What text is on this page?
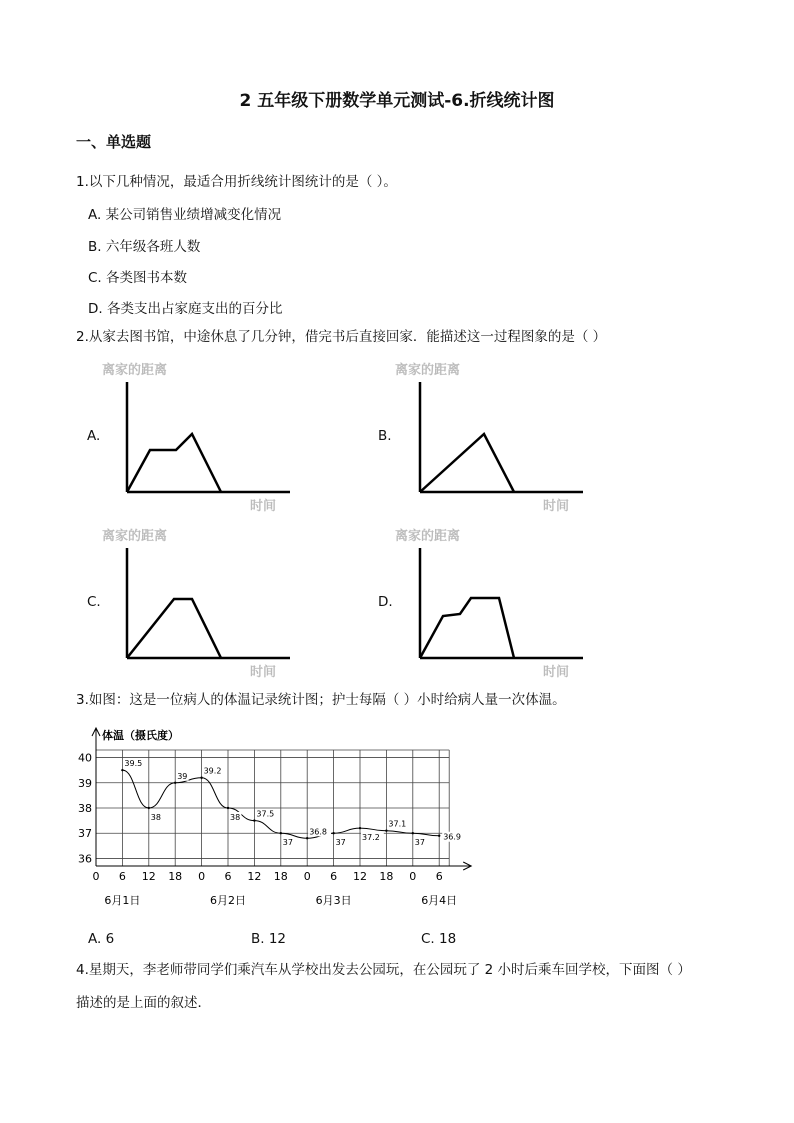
2 五年级下册数学单元测试-6.折线统计图
一、单选题
1.以下几种情况，最适合用折线统计图统计的是（ ）。
A. 某公司销售业绩增减变化情况
B. 六年级各班人数
C. 各类图书本数
D. 各类支出占家庭支出的百分比
2.从家去图书馆，中途休息了几分钟，借完书后直接回家．能描述这一过程图象的是（ ）
A.	B.
C.	D.
离家的距离
时间
离家的距离
时间
离家的距离
时间
离家的距离
时间
3.如图：这是一位病人的体温记录统计图；护士每隔（ ）小时给病人量一次体温。
体温（摄氏度）
36
37
38
39
40
0 6 12 18 0 6 12 18 0 6 12 18 0 6
6月1日	6月2日	6月3日	6月4日
39.5
38
39
39.2
38 37.5
37
36.8
37
37.2
37.1
37
36.9
A. 6	B. 12	C. 18
4.星期天，李老师带同学们乘汽车从学校出发去公园玩，在公园玩了 2 小时后乘车回学校，下面图（ ）
描述的是上面的叙述．
